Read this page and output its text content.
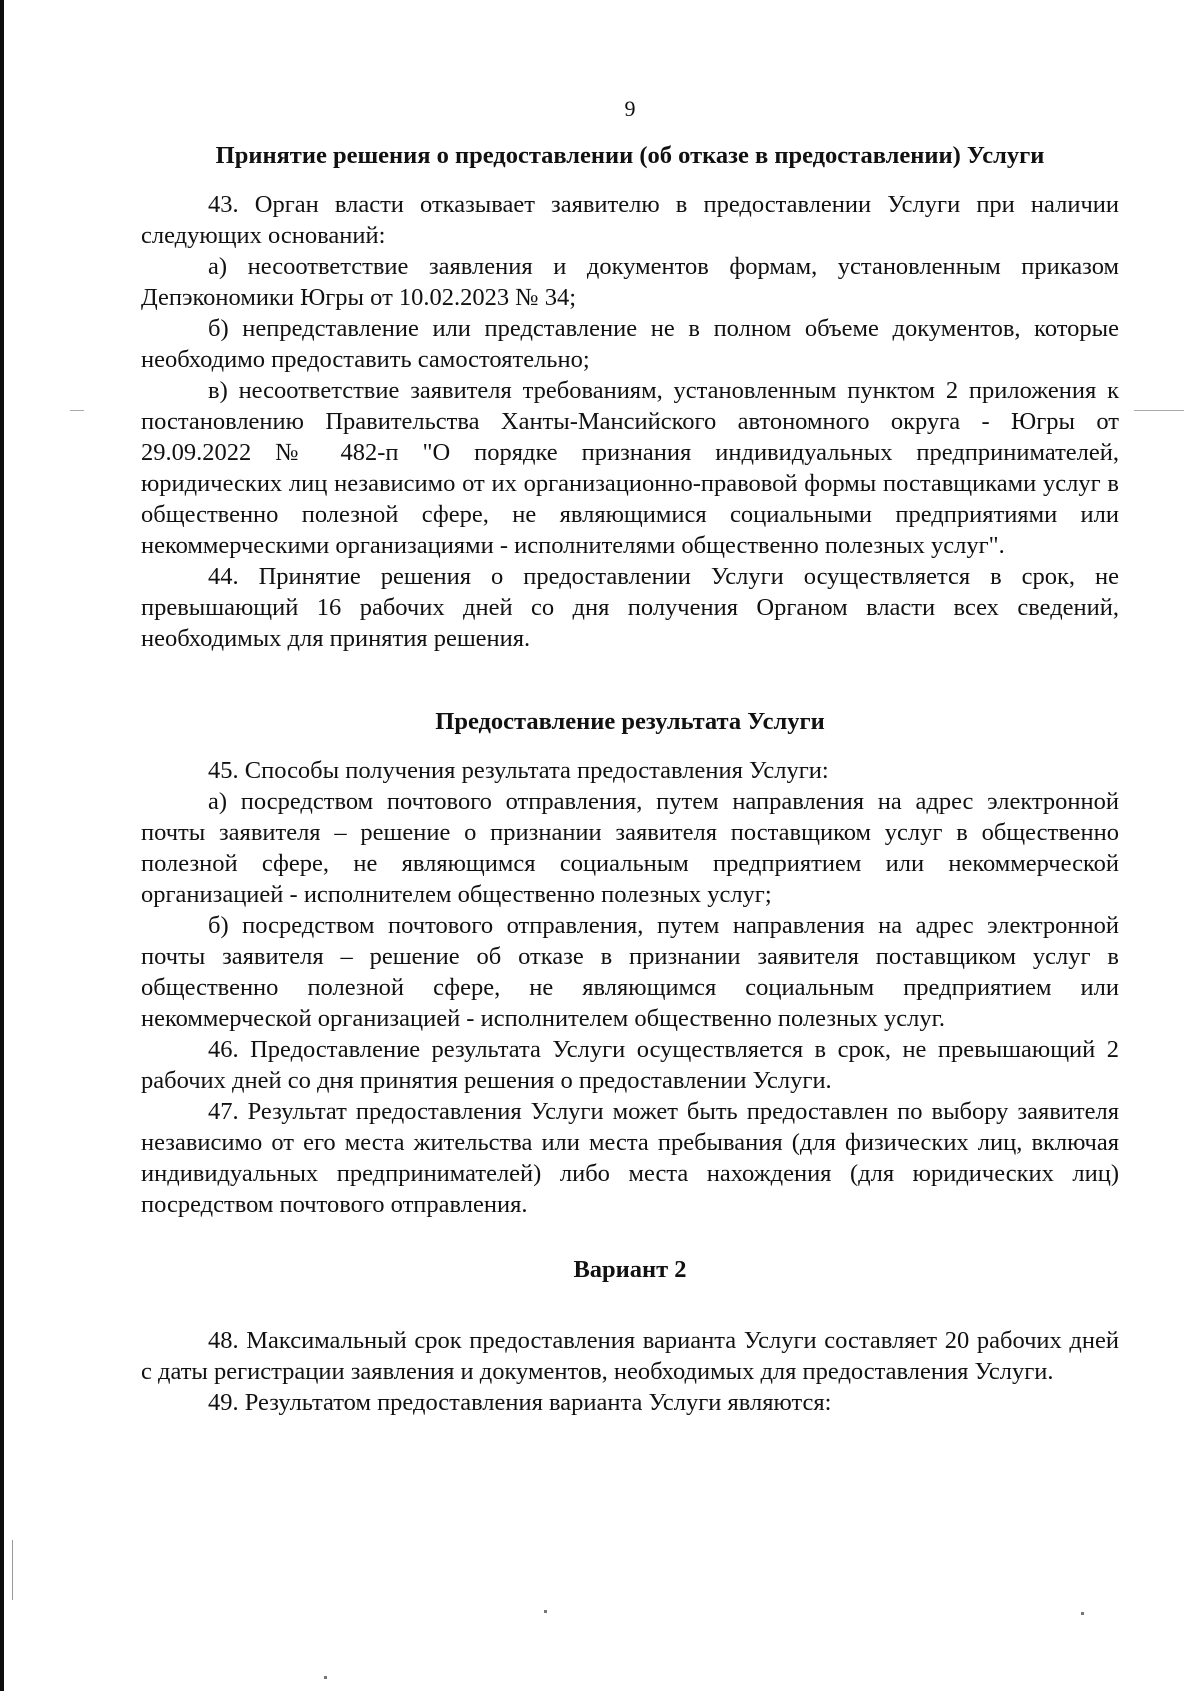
9

Принятие решения о предоставлении (об отказе в предоставлении) Услуги

43. Орган власти отказывает заявителю в предоставлении Услуги при наличии следующих оснований:

а) несоответствие заявления и документов формам, установленным приказом Депэкономики Югры от 10.02.2023 № 34;

б) непредставление или представление не в полном объеме документов, которые необходимо предоставить самостоятельно;

в) несоответствие заявителя требованиям, установленным пунктом 2 приложения к постановлению Правительства Ханты-Мансийского автономного округа - Югры от 29.09.2022 № 482-п "О порядке признания индивидуальных предпринимателей, юридических лиц независимо от их организационно-правовой формы поставщиками услуг в общественно полезной сфере, не являющимися социальными предприятиями или некоммерческими организациями - исполнителями общественно полезных услуг".

44. Принятие решения о предоставлении Услуги осуществляется в срок, не превышающий 16 рабочих дней со дня получения Органом власти всех сведений, необходимых для принятия решения.

Предоставление результата Услуги

45. Способы получения результата предоставления Услуги:

а) посредством почтового отправления, путем направления на адрес электронной почты заявителя – решение о признании заявителя поставщиком услуг в общественно полезной сфере, не являющимся социальным предприятием или некоммерческой организацией - исполнителем общественно полезных услуг;

б) посредством почтового отправления, путем направления на адрес электронной почты заявителя – решение об отказе в признании заявителя поставщиком услуг в общественно полезной сфере, не являющимся социальным предприятием или некоммерческой организацией - исполнителем общественно полезных услуг.

46. Предоставление результата Услуги осуществляется в срок, не превышающий 2 рабочих дней со дня принятия решения о предоставлении Услуги.

47. Результат предоставления Услуги может быть предоставлен по выбору заявителя независимо от его места жительства или места пребывания (для физических лиц, включая индивидуальных предпринимателей) либо места нахождения (для юридических лиц) посредством почтового отправления.

Вариант 2

48. Максимальный срок предоставления варианта Услуги составляет 20 рабочих дней с даты регистрации заявления и документов, необходимых для предоставления Услуги.

49. Результатом предоставления варианта Услуги являются:
